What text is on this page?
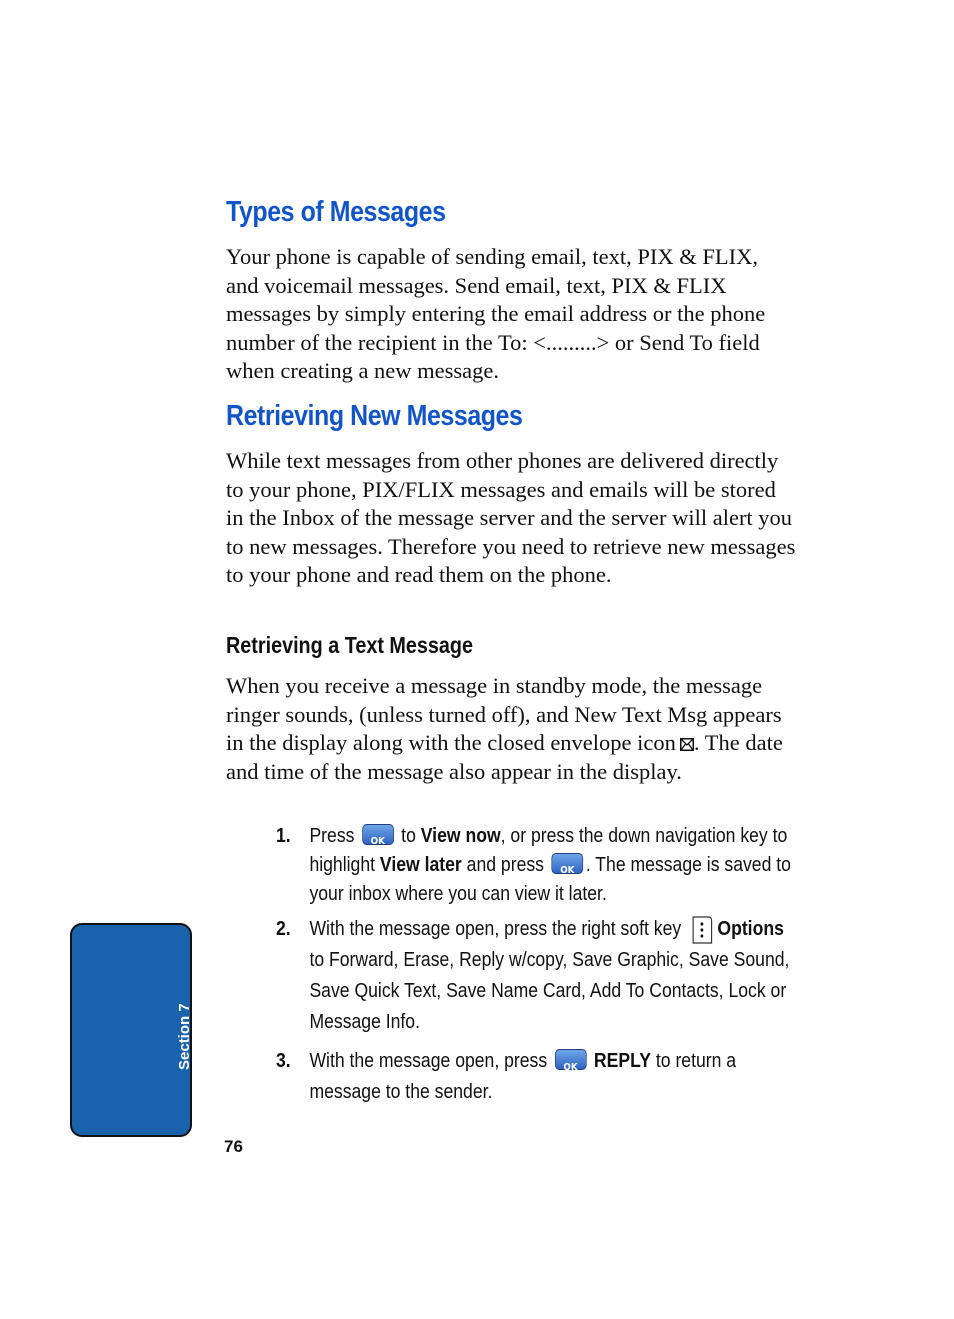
Types of Messages

Your phone is capable of sending email, text, PIX & FLIX, and voicemail messages. Send email, text, PIX & FLIX messages by simply entering the email address or the phone number of the recipient in the To: <.........> or Send To field when creating a new message.

Retrieving New Messages

While text messages from other phones are delivered directly to your phone, PIX/FLIX messages and emails will be stored in the Inbox of the message server and the server will alert you to new messages. Therefore you need to retrieve new messages to your phone and read them on the phone.

Retrieving a Text Message

When you receive a message in standby mode, the message ringer sounds, (unless turned off), and New Text Msg appears in the display along with the closed envelope icon . The date and time of the message also appear in the display.

1. Press	OK to View now, or press the down navigation key to highlight View later and press	OK . The message is saved to your inbox where you can view it later.
2. With the message open, press the right soft key Options to Forward, Erase, Reply w/copy, Save Graphic, Save Sound, Save Quick Text, Save Name Card, Add To Contacts, Lock or Message Info.
3. With the message open, press	OK REPLY to return a message to the sender.
Section 7

76
